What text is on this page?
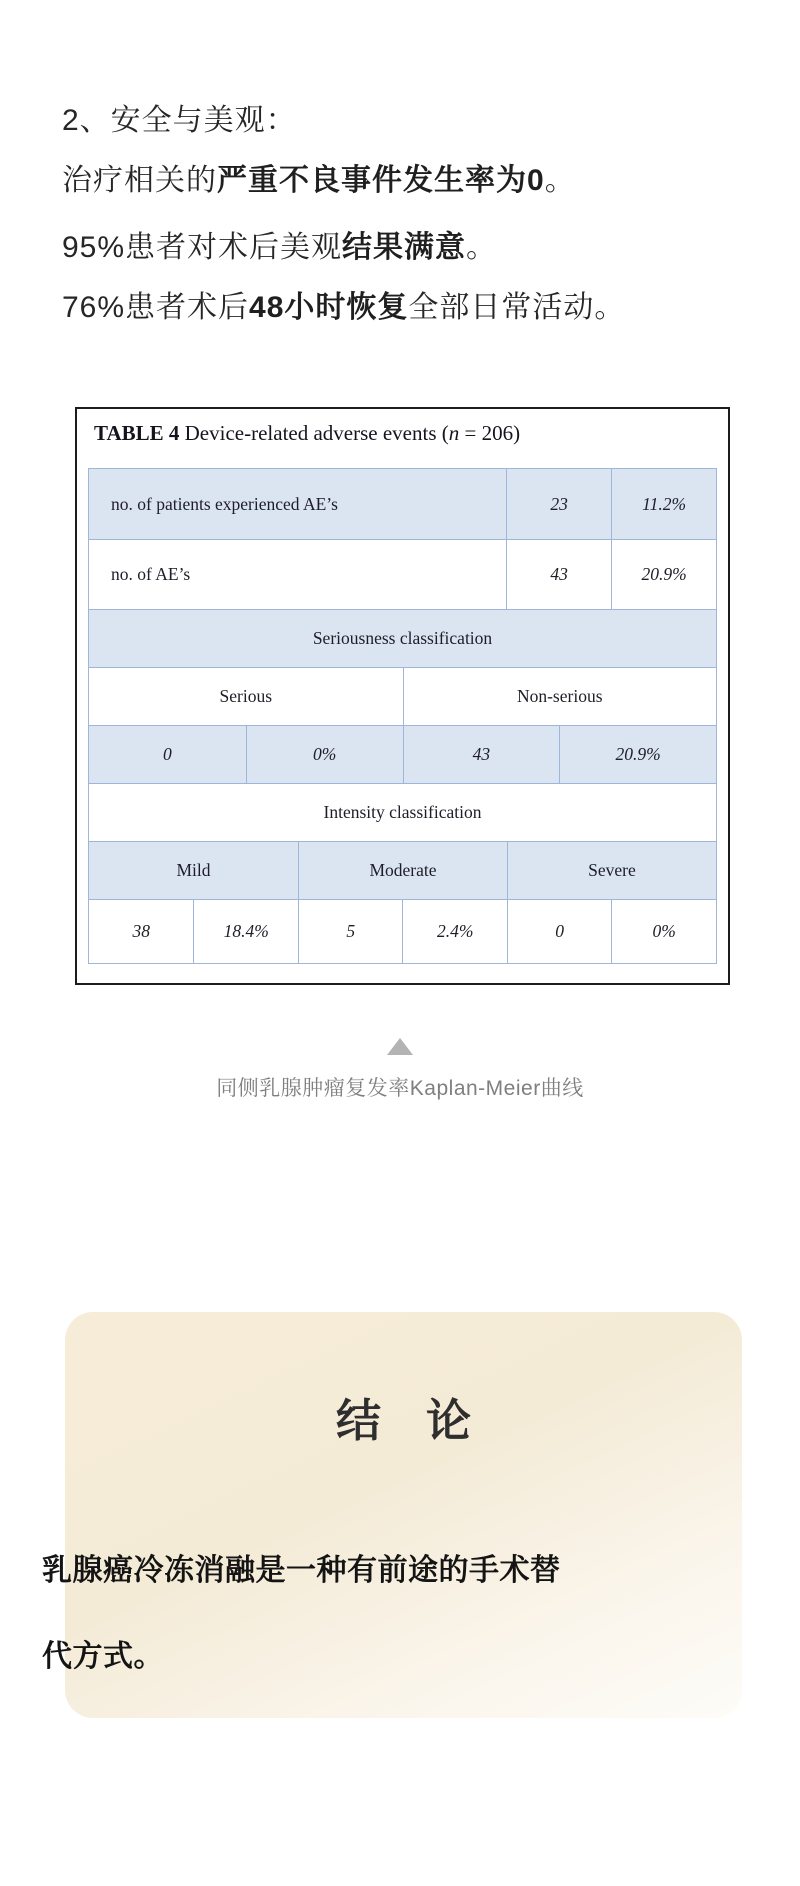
2、安全与美观：
治疗相关的严重不良事件发生率为0。
95%患者对术后美观结果满意。
76%患者术后48小时恢复全部日常活动。
TABLE 4 Device-related adverse events (n = 206)
no. of patients experienced AE’s	23	11.2%
no. of AE’s	43	20.9%
Seriousness classification
Serious	Non-serious
0	0%	43	20.9%
Intensity classification
Mild	Moderate	Severe
38	18.4%	5	2.4%	0	0%
同侧乳腺肿瘤复发率Kaplan-Meier曲线
结　论
乳腺癌冷冻消融是一种有前途的手术替代方式。
